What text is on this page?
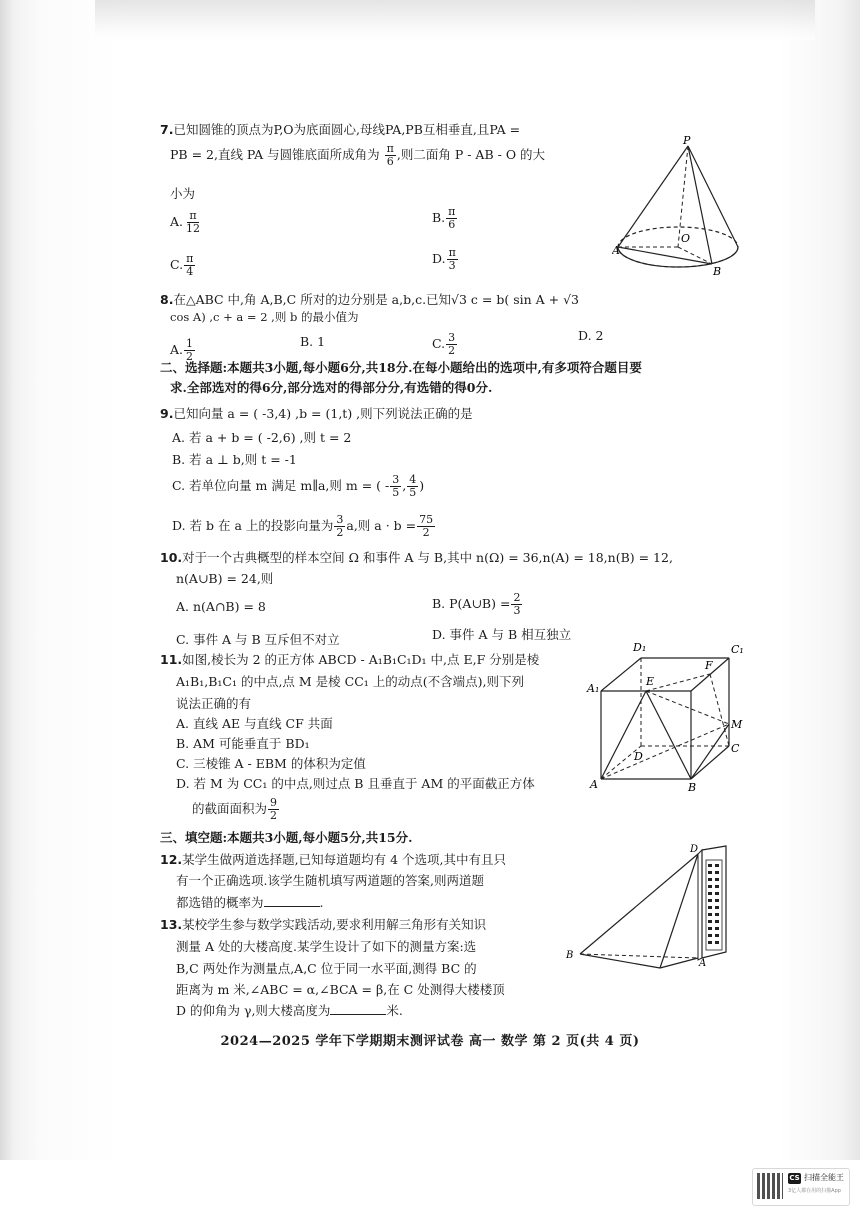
7.已知圆锥的顶点为P,O为底面圆心,母线PA,PB互相垂直,且PA =
PB = 2,直线 PA 与圆锥底面所成角为 $\frac{\pi}{6}$ ,则二面角 P - AB - O 的大
小为
A. $\frac{\pi}{12}$	B. $\frac{\pi}{6}$
C. $\frac{\pi}{4}$	D. $\frac{\pi}{3}$
P
O
A
B
8.在△ABC 中,角 A,B,C 所对的边分别是 a,b,c.已知√3 c = b( sin A + √3
cos A) ,c + a = 2 ,则 b 的最小值为
A. $\frac{1}{2}$	B. 1	C. $\frac{3}{2}$	D. 2
二、选择题:本题共3小题,每小题6分,共18分.在每小题给出的选项中,有多项符合题目要
求.全部选对的得6分,部分选对的得部分分,有选错的得0分.
9.已知向量 a = ( -3,4) ,b = (1,t) ,则下列说法正确的是
A. 若 a + b = ( -2,6) ,则 t = 2
B. 若 a ⊥ b,则 t = -1
C. 若单位向量 m 满足 m∥a,则 m = ( - $\frac{3}{5}$ , $\frac{4}{5}$ )
D. 若 b 在 a 上的投影向量为 $\frac{3}{2} a$,则 $a \cdot b = \frac{75}{2}$
10.对于一个古典概型的样本空间 Ω 和事件 A 与 B,其中 n(Ω) = 36,n(A) = 18,n(B) = 12,
n(A∪B) = 24,则
A. n(A∩B) = 8	B. P(A∪B) = $\frac{2}{3}$
C. 事件 A 与 B 互斥但不对立	D. 事件 A 与 B 相互独立
11.如图,棱长为 2 的正方体 ABCD - A₁B₁C₁D₁ 中,点 E,F 分别是棱
A₁B₁,B₁C₁ 的中点,点 M 是棱 CC₁ 上的动点(不含端点),则下列
说法正确的有
A. 直线 AE 与直线 CF 共面
B. AM 可能垂直于 BD₁
C. 三棱锥 A - EBM 的体积为定值
D. 若 M 为 CC₁ 的中点,则过点 B 且垂直于 AM 的平面截正方体
的截面面积为 $\frac{9}{2}$
D₁	C₁
A₁
E
F
M
C
D
A	B
三、填空题:本题共3小题,每小题5分,共15分.
12.某学生做两道选择题,已知每道题均有 4 个选项,其中有且只
有一个正确选项.该学生随机填写两道题的答案,则两道题
都选错的概率为	.
13.某校学生参与数学实践活动,要求利用解三角形有关知识
测量 A 处的大楼高度.某学生设计了如下的测量方案:选
B,C 两处作为测量点,A,C 位于同一水平面,测得 BC 的
距离为 m 米,∠ABC = α,∠BCA = β,在 C 处测得大楼楼顶
D 的仰角为 γ,则大楼高度为	米.
D
B
A
2024—2025 学年下学期期末测评试卷 高一 数学 第 2 页(共 4 页)
CS 扫描全能王
3亿人都在用的扫描App
